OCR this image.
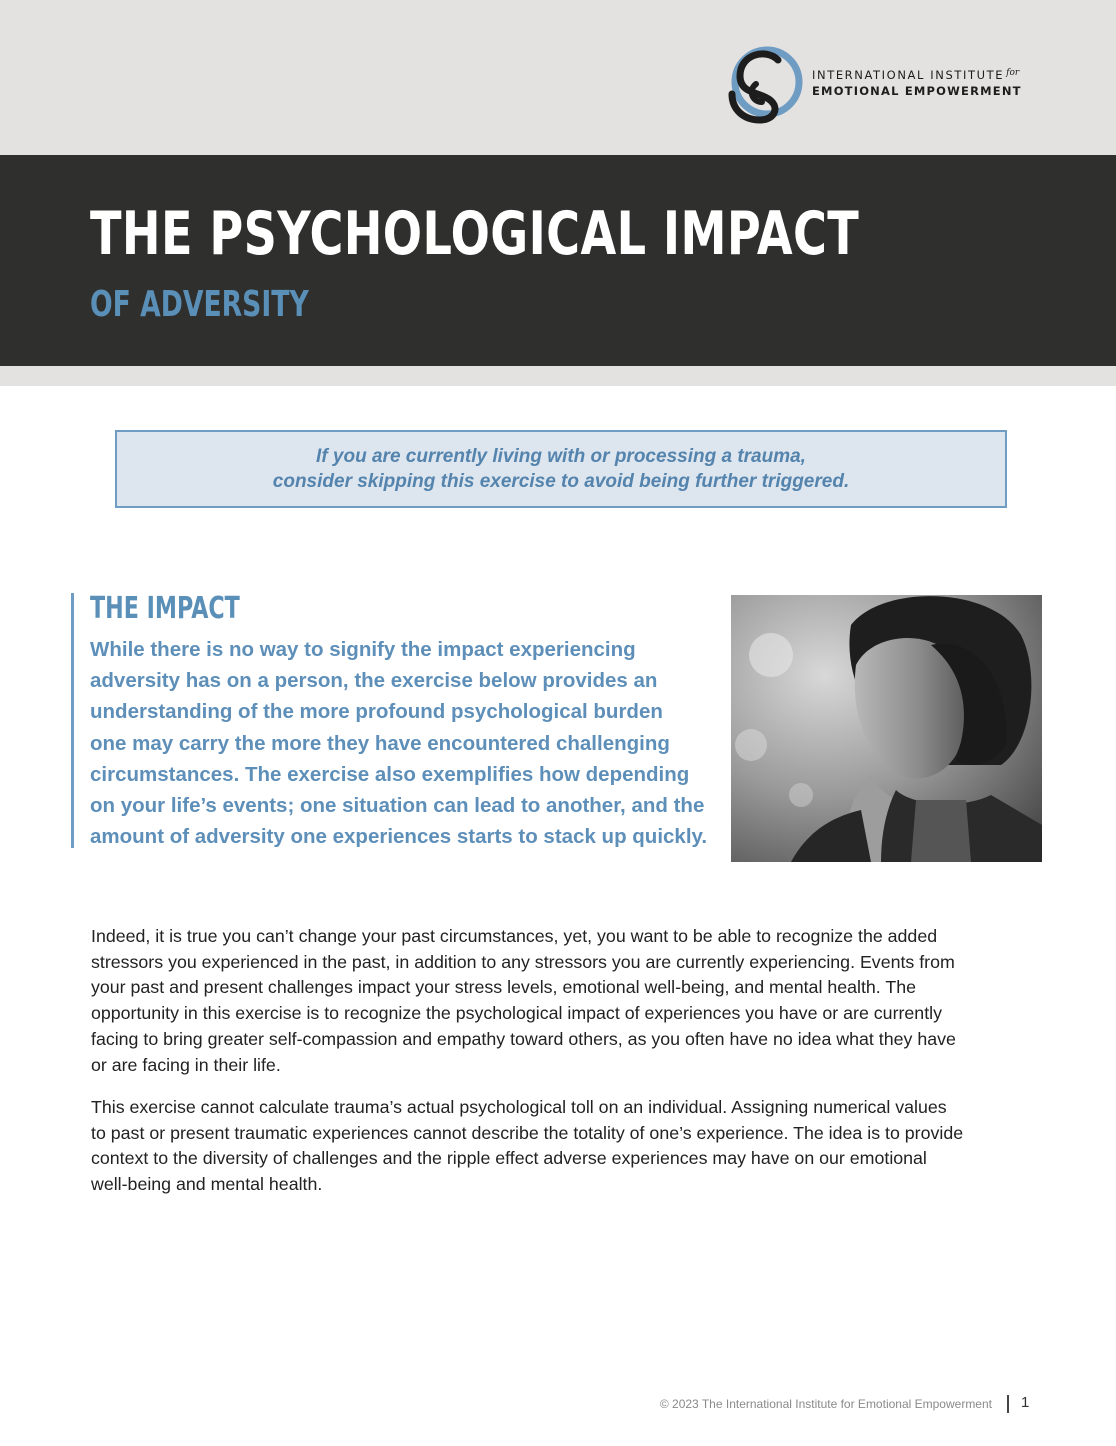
INTERNATIONAL INSTITUTE $^{for}$
EMOTIONAL EMPOWERMENT
THE PSYCHOLOGICAL IMPACT
OF ADVERSITY
If you are currently living with or processing a trauma,
consider skipping this exercise to avoid being further triggered.
THE IMPACT
While there is no way to signify the impact experiencing
adversity has on a person, the exercise below provides an
understanding of the more profound psychological burden
one may carry the more they have encountered challenging
circumstances. The exercise also exemplifies how depending
on your life’s events; one situation can lead to another, and the
amount of adversity one experiences starts to stack up quickly.
Indeed, it is true you can’t change your past circumstances, yet, you want to be able to recognize the added
stressors you experienced in the past, in addition to any stressors you are currently experiencing. Events from
your past and present challenges impact your stress levels, emotional well-being, and mental health. The
opportunity in this exercise is to recognize the psychological impact of experiences you have or are currently
facing to bring greater self-compassion and empathy toward others, as you often have no idea what they have
or are facing in their life.
This exercise cannot calculate trauma’s actual psychological toll on an individual. Assigning numerical values
to past or present traumatic experiences cannot describe the totality of one’s experience. The idea is to provide
context to the diversity of challenges and the ripple effect adverse experiences may have on our emotional
well-being and mental health.
© 2023 The International Institute for Emotional Empowerment 1
